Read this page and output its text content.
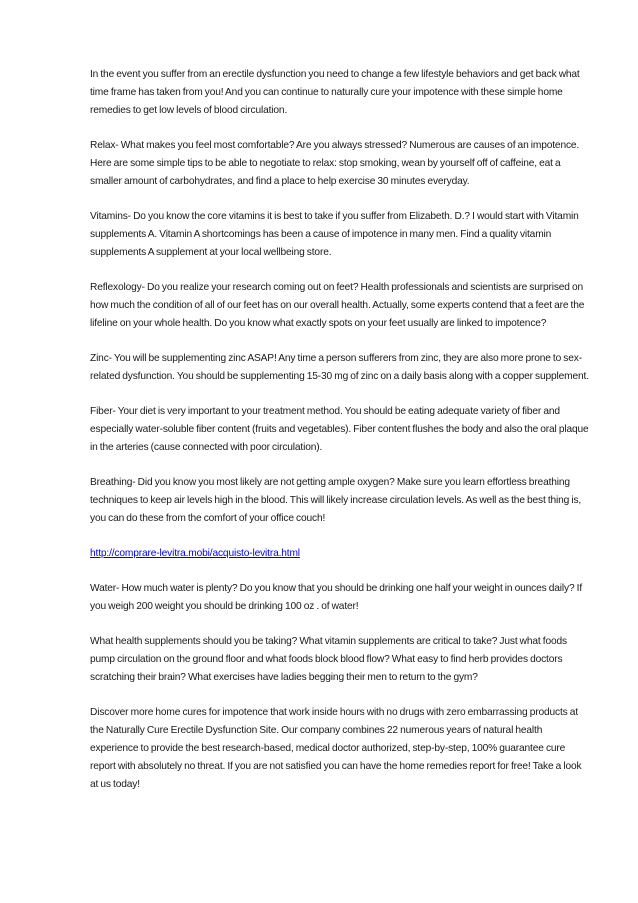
In the event you suffer from an erectile dysfunction you need to change a few lifestyle behaviors and get back what time frame has taken from you! And you can continue to naturally cure your impotence with these simple home remedies to get low levels of blood circulation.

Relax- What makes you feel most comfortable? Are you always stressed? Numerous are causes of an impotence. Here are some simple tips to be able to negotiate to relax: stop smoking, wean by yourself off of caffeine, eat a smaller amount of carbohydrates, and find a place to help exercise 30 minutes everyday.

Vitamins- Do you know the core vitamins it is best to take if you suffer from Elizabeth. D.? I would start with Vitamin supplements A. Vitamin A shortcomings has been a cause of impotence in many men. Find a quality vitamin supplements A supplement at your local wellbeing store.

Reflexology- Do you realize your research coming out on feet? Health professionals and scientists are surprised on how much the condition of all of our feet has on our overall health. Actually, some experts contend that a feet are the lifeline on your whole health. Do you know what exactly spots on your feet usually are linked to impotence?

Zinc- You will be supplementing zinc ASAP! Any time a person sufferers from zinc, they are also more prone to sex-related dysfunction. You should be supplementing 15-30 mg of zinc on a daily basis along with a copper supplement.

Fiber- Your diet is very important to your treatment method. You should be eating adequate variety of fiber and especially water-soluble fiber content (fruits and vegetables). Fiber content flushes the body and also the oral plaque in the arteries (cause connected with poor circulation).

Breathing- Did you know you most likely are not getting ample oxygen? Make sure you learn effortless breathing techniques to keep air levels high in the blood. This will likely increase circulation levels. As well as the best thing is, you can do these from the comfort of your office couch!

http://comprare-levitra.mobi/acquisto-levitra.html

Water- How much water is plenty? Do you know that you should be drinking one half your weight in ounces daily? If you weigh 200 weight you should be drinking 100 oz . of water!

What health supplements should you be taking? What vitamin supplements are critical to take? Just what foods pump circulation on the ground floor and what foods block blood flow? What easy to find herb provides doctors scratching their brain? What exercises have ladies begging their men to return to the gym?

Discover more home cures for impotence that work inside hours with no drugs with zero embarrassing products at the Naturally Cure Erectile Dysfunction Site. Our company combines 22 numerous years of natural health experience to provide the best research-based, medical doctor authorized, step-by-step, 100% guarantee cure report with absolutely no threat. If you are not satisfied you can have the home remedies report for free! Take a look at us today!
